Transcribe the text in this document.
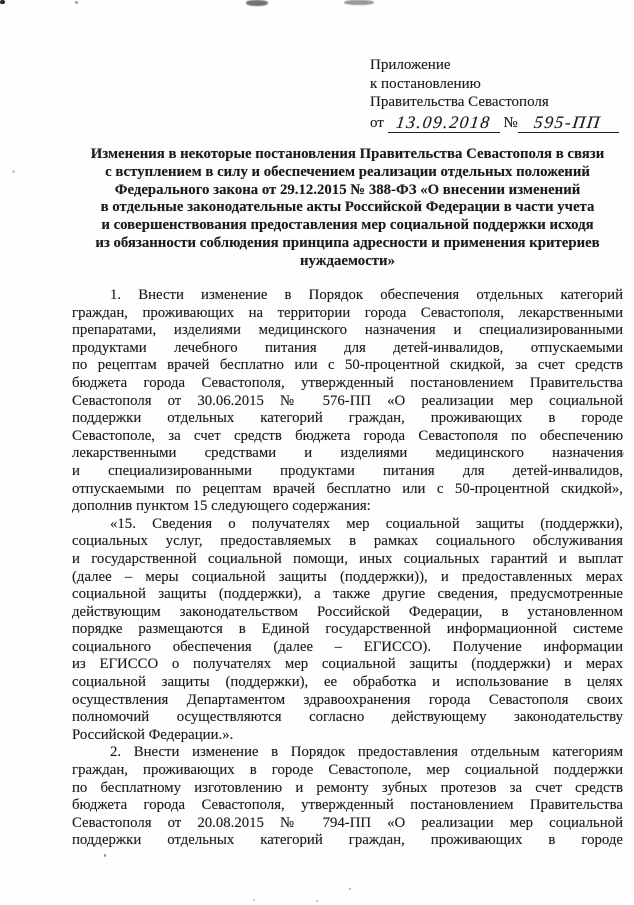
Приложение
к постановлению
Правительства Севастополя
от 13.09.2018 № 595-ПП
Изменения в некоторые постановления Правительства Севастополя в связи
с вступлением в силу и обеспечением реализации отдельных положений
Федерального закона от 29.12.2015 № 388-ФЗ «О внесении изменений
в отдельные законодательные акты Российской Федерации в части учета
и совершенствования предоставления мер социальной поддержки исходя
из обязанности соблюдения принципа адресности и применения критериев
нуждаемости»
1. Внести изменение в Порядок обеспечения отдельных категорий
граждан, проживающих на территории города Севастополя, лекарственными
препаратами, изделиями медицинского назначения и специализированными
продуктами лечебного питания для детей-инвалидов, отпускаемыми
по рецептам врачей бесплатно или с 50-процентной скидкой, за счет средств
бюджета города Севастополя, утвержденный постановлением Правительства
Севастополя от 30.06.2015 № 576-ПП «О реализации мер социальной
поддержки отдельных категорий граждан, проживающих в городе
Севастополе, за счет средств бюджета города Севастополя по обеспечению
лекарственными средствами и изделиями медицинского назначения
и специализированными продуктами питания для детей-инвалидов,
отпускаемыми по рецептам врачей бесплатно или с 50-процентной скидкой»,
дополнив пунктом 15 следующего содержания:
«15. Сведения о получателях мер социальной защиты (поддержки),
социальных услуг, предоставляемых в рамках социального обслуживания
и государственной социальной помощи, иных социальных гарантий и выплат
(далее – меры социальной защиты (поддержки)), и предоставленных мерах
социальной защиты (поддержки), а также другие сведения, предусмотренные
действующим законодательством Российской Федерации, в установленном
порядке размещаются в Единой государственной информационной системе
социального обеспечения (далее – ЕГИССО). Получение информации
из ЕГИССО о получателях мер социальной защиты (поддержки) и мерах
социальной защиты (поддержки), ее обработка и использование в целях
осуществления Департаментом здравоохранения города Севастополя своих
полномочий осуществляются согласно действующему законодательству
Российской Федерации.».
2. Внести изменение в Порядок предоставления отдельным категориям
граждан, проживающих в городе Севастополе, мер социальной поддержки
по бесплатному изготовлению и ремонту зубных протезов за счет средств
бюджета города Севастополя, утвержденный постановлением Правительства
Севастополя от 20.08.2015 № 794-ПП «О реализации мер социальной
поддержки отдельных категорий граждан, проживающих в городе
